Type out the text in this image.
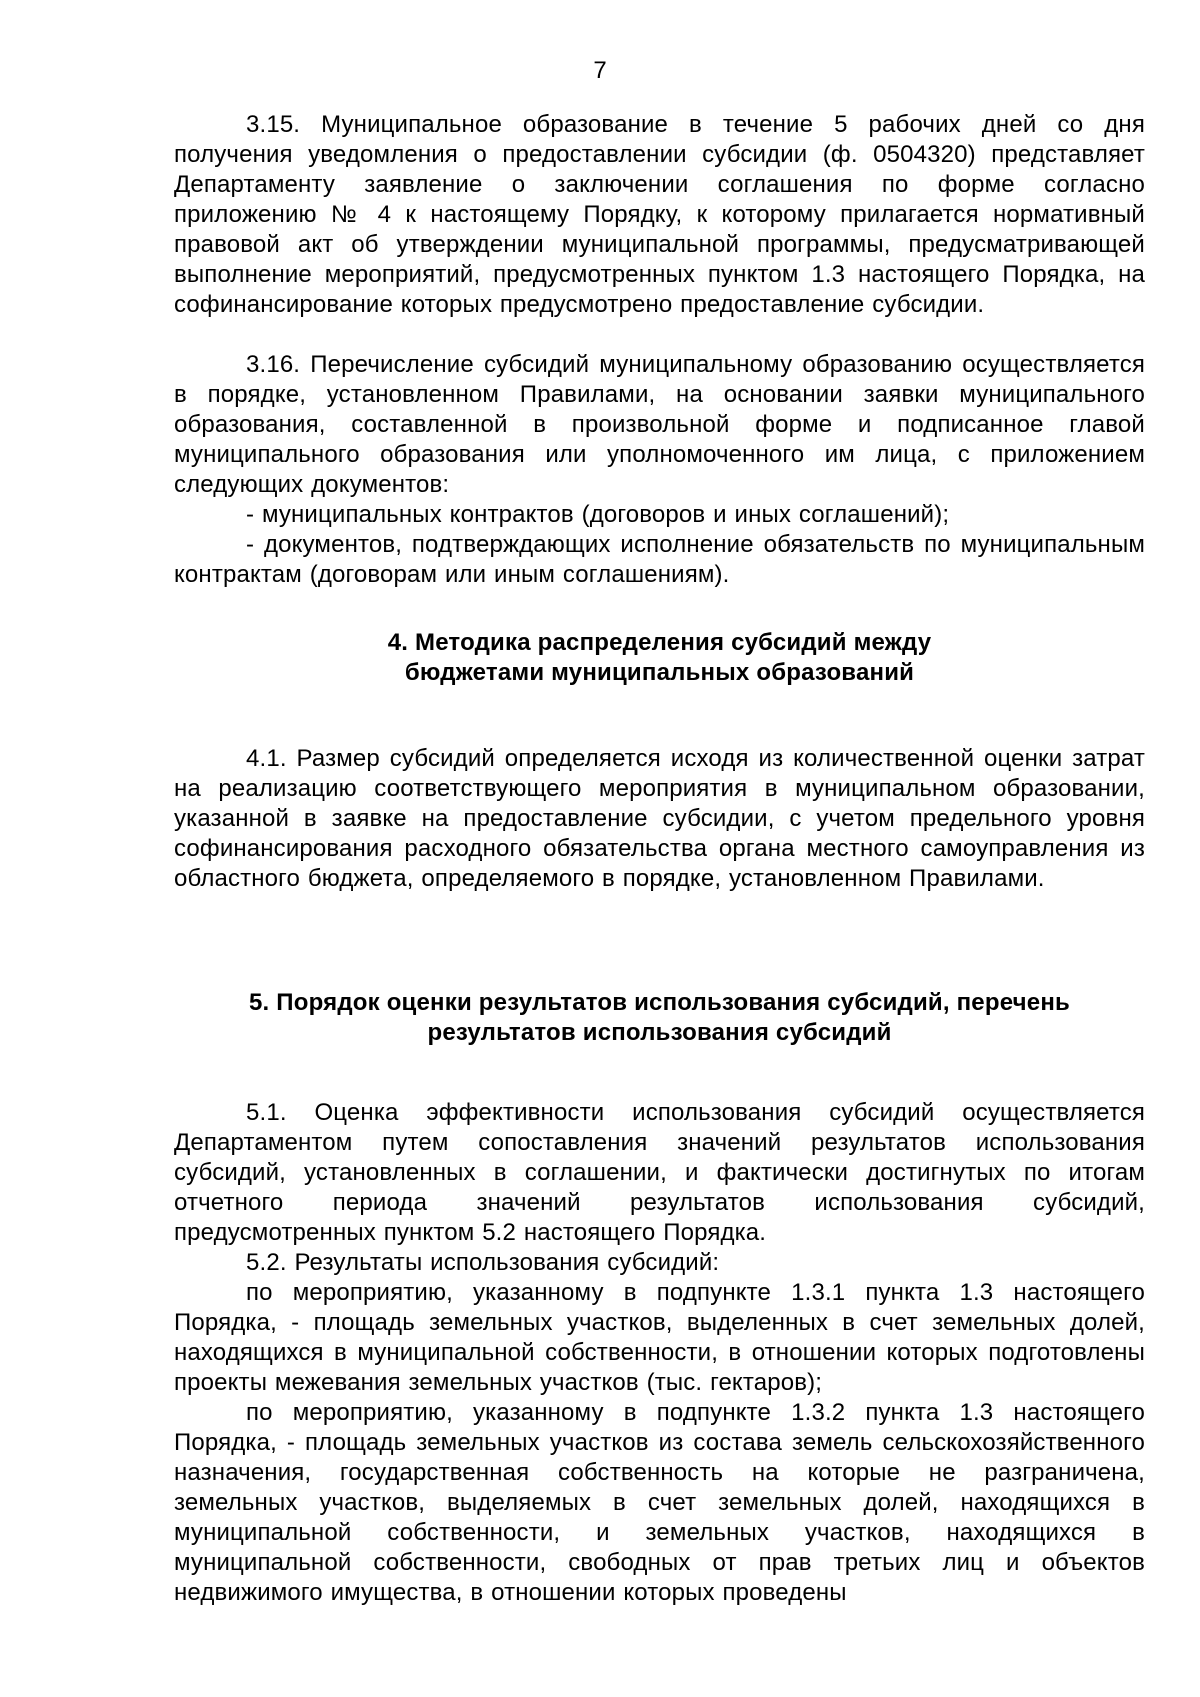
7

3.15. Муниципальное образование в течение 5 рабочих дней со дня получения уведомления о предоставлении субсидии (ф. 0504320) представляет Департаменту заявление о заключении соглашения по форме согласно приложению № 4 к настоящему Порядку, к которому прилагается нормативный правовой акт об утверждении муниципальной программы, предусматривающей выполнение мероприятий, предусмотренных пунктом 1.3 настоящего Порядка, на софинансирование которых предусмотрено предоставление субсидии.

3.16. Перечисление субсидий муниципальному образованию осуществляется в порядке, установленном Правилами, на основании заявки муниципального образования, составленной в произвольной форме и подписанное главой муниципального образования или уполномоченного им лица, с приложением следующих документов:

- муниципальных контрактов (договоров и иных соглашений);

- документов, подтверждающих исполнение обязательств по муниципальным контрактам (договорам или иным соглашениям).

4. Методика распределения субсидий между бюджетами муниципальных образований

4.1. Размер субсидий определяется исходя из количественной оценки затрат на реализацию соответствующего мероприятия в муниципальном образовании, указанной в заявке на предоставление субсидии, с учетом предельного уровня софинансирования расходного обязательства органа местного самоуправления из областного бюджета, определяемого в порядке, установленном Правилами.

5. Порядок оценки результатов использования субсидий, перечень результатов использования субсидий

5.1. Оценка эффективности использования субсидий осуществляется Департаментом путем сопоставления значений результатов использования субсидий, установленных в соглашении, и фактически достигнутых по итогам отчетного периода значений результатов использования субсидий, предусмотренных пунктом 5.2 настоящего Порядка.

5.2. Результаты использования субсидий:

по мероприятию, указанному в подпункте 1.3.1 пункта 1.3 настоящего Порядка, - площадь земельных участков, выделенных в счет земельных долей, находящихся в муниципальной собственности, в отношении которых подготовлены проекты межевания земельных участков (тыс. гектаров);

по мероприятию, указанному в подпункте 1.3.2 пункта 1.3 настоящего Порядка, - площадь земельных участков из состава земель сельскохозяйственного назначения, государственная собственность на которые не разграничена, земельных участков, выделяемых в счет земельных долей, находящихся в муниципальной собственности, и земельных участков, находящихся в муниципальной собственности, свободных от прав третьих лиц и объектов недвижимого имущества, в отношении которых проведены
